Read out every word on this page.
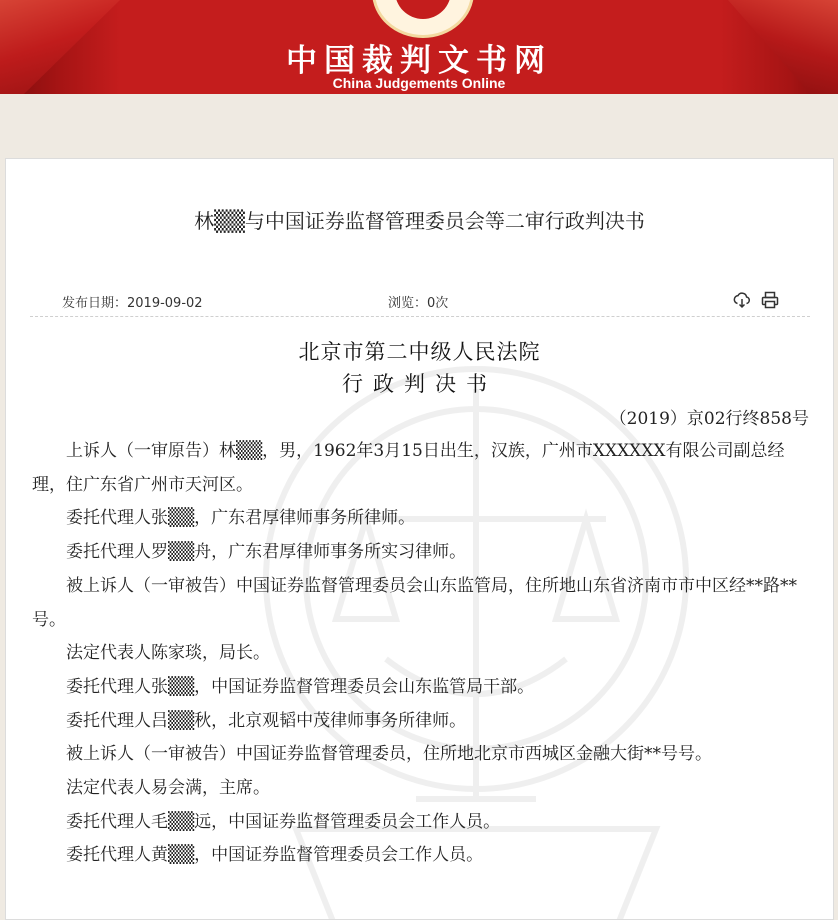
中国裁判文书网
China Judgements Online
林▒▒与中国证券监督管理委员会等二审行政判决书
发布日期：2019-09-02	浏览：0次
北京市第二中级人民法院
行政判决书
（2019）京02行终858号

上诉人（一审原告）林▒▒，男，1962年3月15日出生，汉族，广州市XXXXXX有限公司副总经理，住广东省广州市天河区。

委托代理人张▒▒，广东君厚律师事务所律师。

委托代理人罗▒▒舟，广东君厚律师事务所实习律师。

被上诉人（一审被告）中国证券监督管理委员会山东监管局，住所地山东省济南市市中区经**路**号。

法定代表人陈家琰，局长。

委托代理人张▒▒，中国证券监督管理委员会山东监管局干部。

委托代理人吕▒▒秋，北京观韬中茂律师事务所律师。

被上诉人（一审被告）中国证券监督管理委员，住所地北京市西城区金融大街**号号。

法定代表人易会满，主席。

委托代理人毛▒▒远，中国证券监督管理委员会工作人员。

委托代理人黄▒▒，中国证券监督管理委员会工作人员。
